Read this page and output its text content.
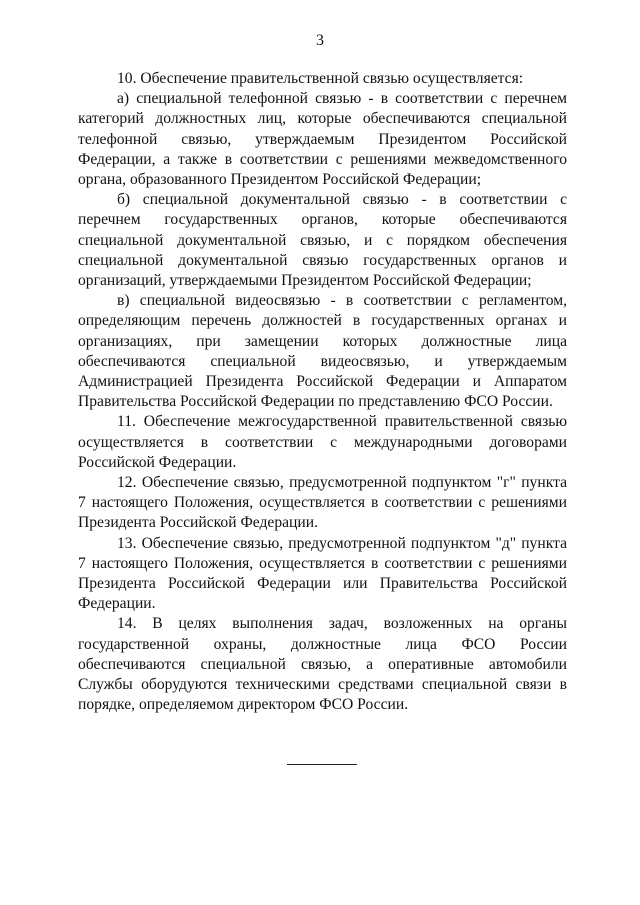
3

10. Обеспечение правительственной связью осуществляется:

а) специальной телефонной связью - в соответствии с перечнем категорий должностных лиц, которые обеспечиваются специальной телефонной связью, утверждаемым Президентом Российской Федерации, а также в соответствии с решениями межведомственного органа, образованного Президентом Российской Федерации;

б) специальной документальной связью - в соответствии с перечнем государственных органов, которые обеспечиваются специальной документальной связью, и с порядком обеспечения специальной документальной связью государственных органов и организаций, утверждаемыми Президентом Российской Федерации;

в) специальной видеосвязью - в соответствии с регламентом, определяющим перечень должностей в государственных органах и организациях, при замещении которых должностные лица обеспечиваются специальной видеосвязью, и утверждаемым Администрацией Президента Российской Федерации и Аппаратом Правительства Российской Федерации по представлению ФСО России.

11. Обеспечение межгосударственной правительственной связью осуществляется в соответствии с международными договорами Российской Федерации.

12. Обеспечение связью, предусмотренной подпунктом "г" пункта 7 настоящего Положения, осуществляется в соответствии с решениями Президента Российской Федерации.

13. Обеспечение связью, предусмотренной подпунктом "д" пункта 7 настоящего Положения, осуществляется в соответствии с решениями Президента Российской Федерации или Правительства Российской Федерации.

14. В целях выполнения задач, возложенных на органы государственной охраны, должностные лица ФСО России обеспечиваются специальной связью, а оперативные автомобили Службы оборудуются техническими средствами специальной связи в порядке, определяемом директором ФСО России.
